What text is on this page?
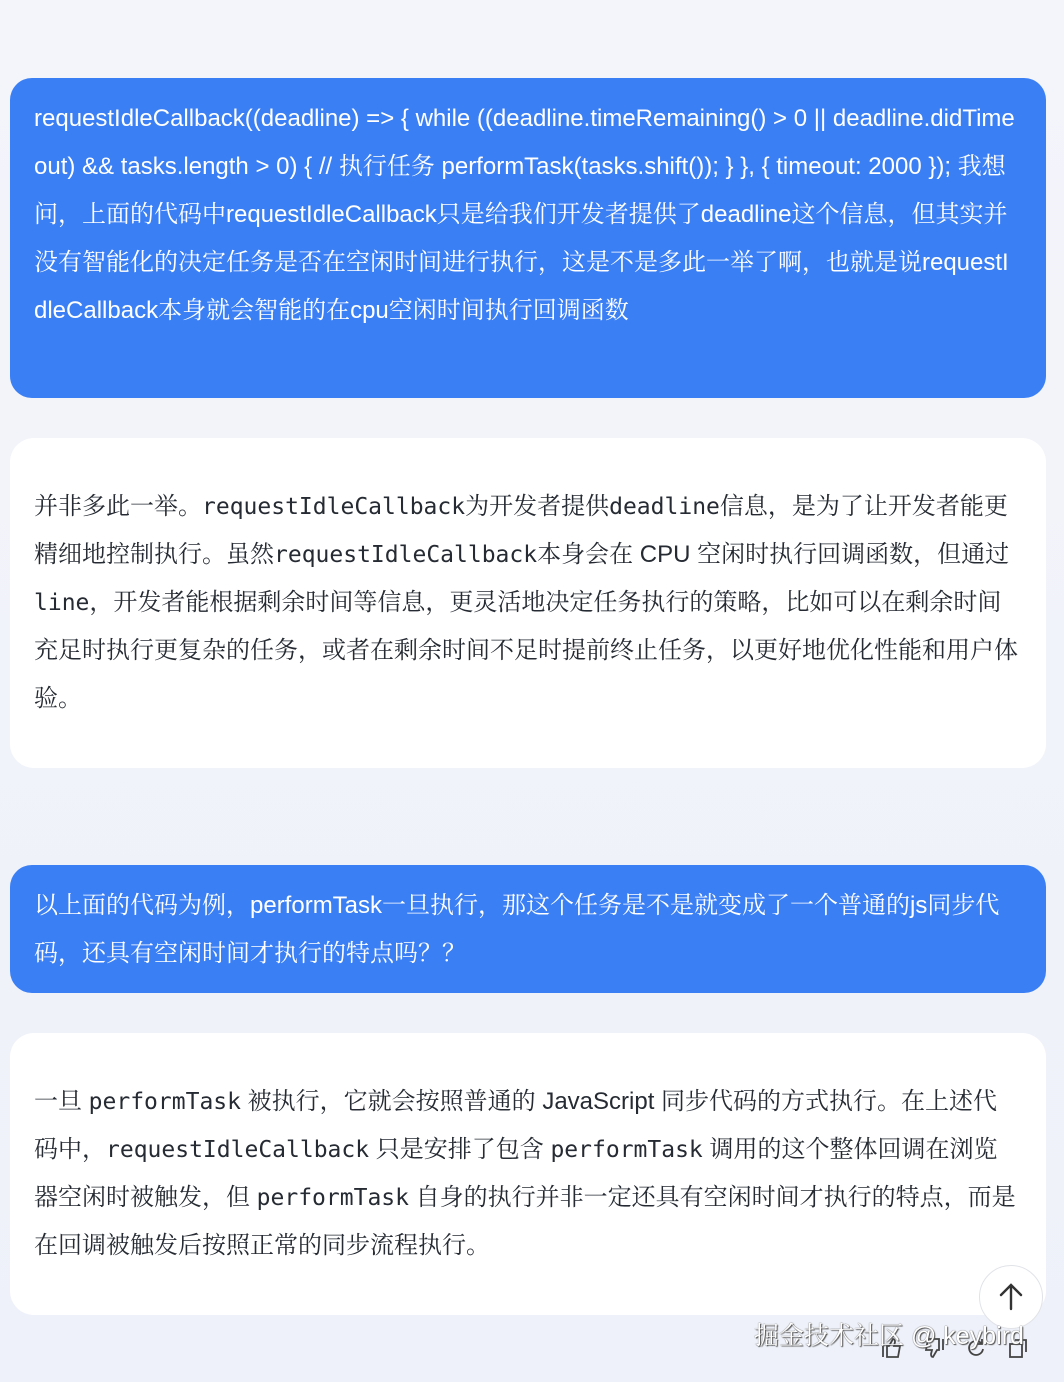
requestIdleCallback((deadline) => { while ((deadline.timeRemaining() > 0 || deadline.didTimeout) && tasks.length > 0) { // 执行任务 performTask(tasks.shift()); } }, { timeout: 2000 }); 我想问，上面的代码中requestIdleCallback只是给我们开发者提供了deadline这个信息，但其实并没有智能化的决定任务是否在空闲时间进行执行，这是不是多此一举了啊，也就是说requestIdleCallback本身就会智能的在cpu空闲时间执行回调函数
并非多此一举。requestIdleCallback为开发者提供deadline信息，是为了让开发者能更精细地控制执行。虽然requestIdleCallback本身会在 CPU 空闲时执行回调函数，但通过line，开发者能根据剩余时间等信息，更灵活地决定任务执行的策略，比如可以在剩余时间充足时执行更复杂的任务，或者在剩余时间不足时提前终止任务，以更好地优化性能和用户体验。
以上面的代码为例，performTask一旦执行，那这个任务是不是就变成了一个普通的js同步代码，还具有空闲时间才执行的特点吗？？
一旦 performTask 被执行，它就会按照普通的 JavaScript 同步代码的方式执行。在上述代码中，requestIdleCallback 只是安排了包含 performTask 调用的这个整体回调在浏览器空闲时被触发，但 performTask 自身的执行并非一定还具有空闲时间才执行的特点，而是在回调被触发后按照正常的同步流程执行。
掘金技术社区 @ keybird
